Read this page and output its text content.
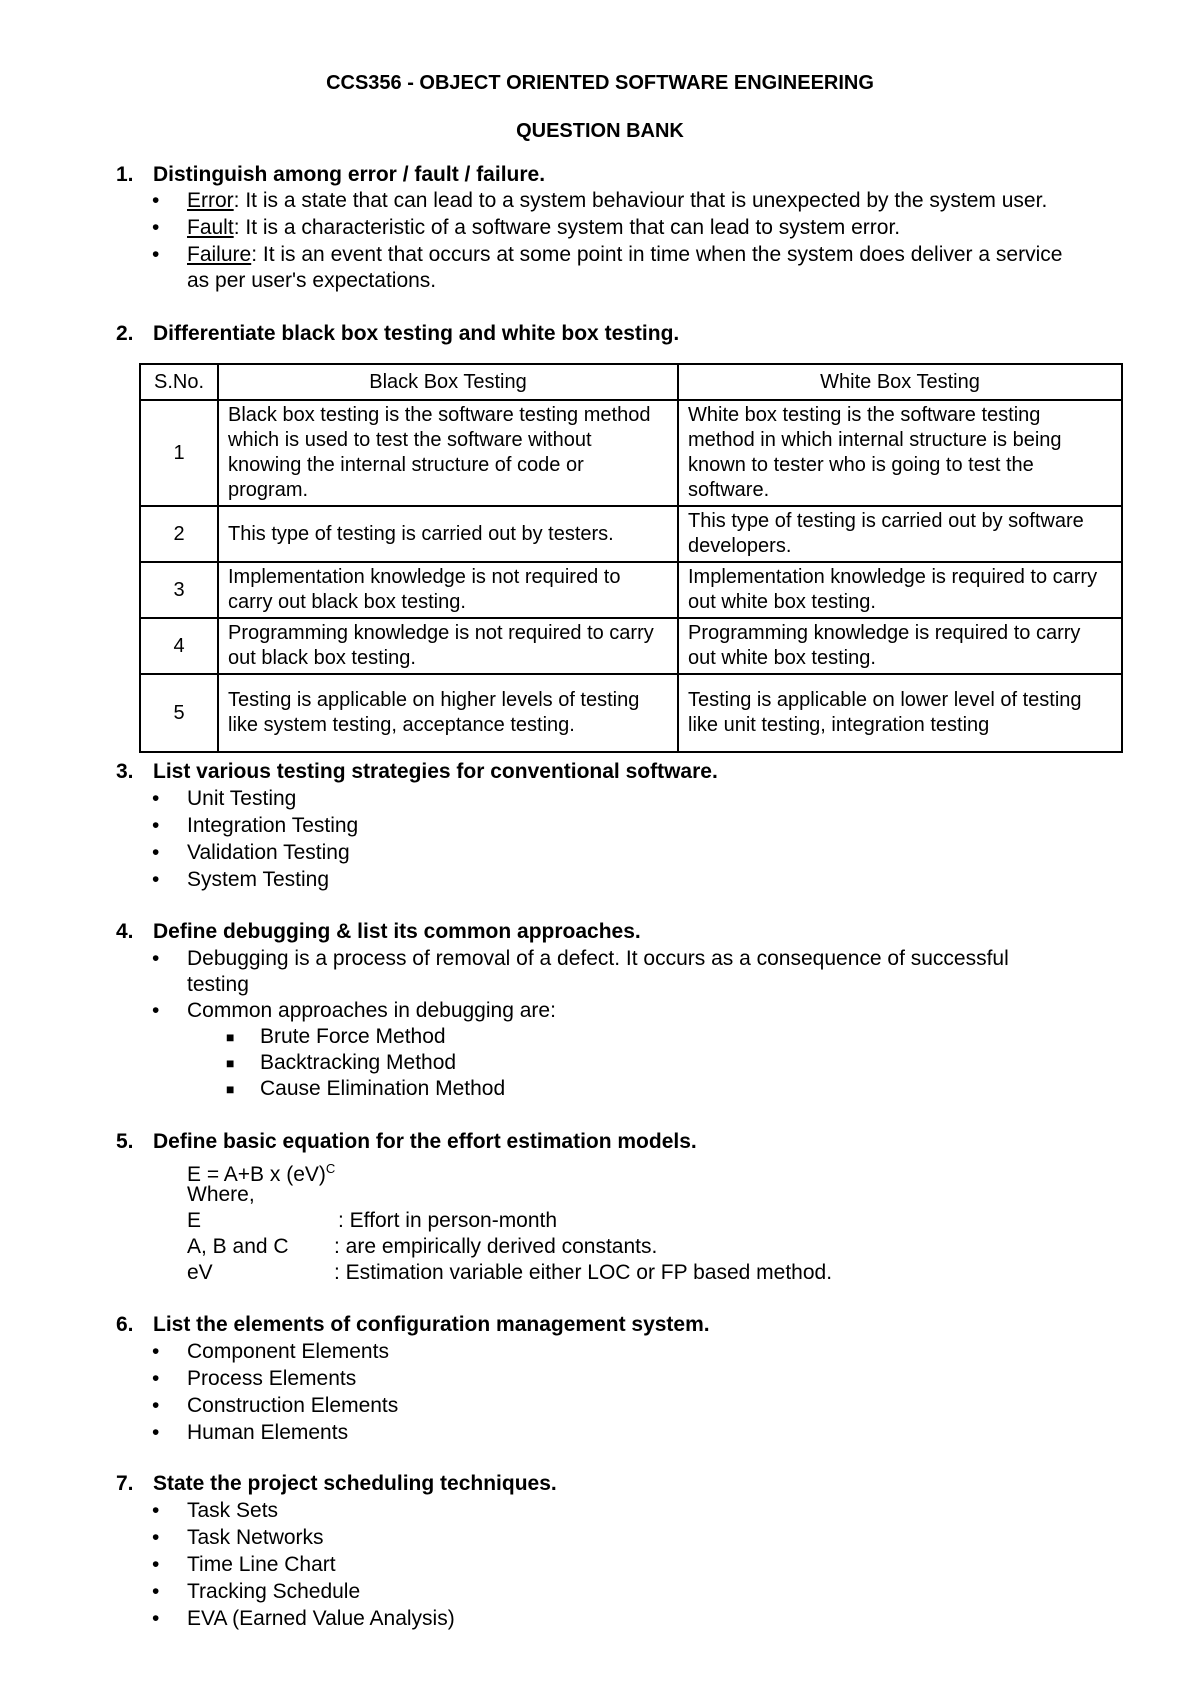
CCS356 - OBJECT ORIENTED SOFTWARE ENGINEERING
QUESTION BANK
1. Distinguish among error / fault / failure.
• Error: It is a state that can lead to a system behaviour that is unexpected by the system user.
• Fault: It is a characteristic of a software system that can lead to system error.
• Failure: It is an event that occurs at some point in time when the system does deliver a service
as per user's expectations.
2. Differentiate black box testing and white box testing.
S.No.	Black Box Testing	White Box Testing
1	Black box testing is the software testing method which is used to test the software without knowing the internal structure of code or program.	White box testing is the software testing method in which internal structure is being known to tester who is going to test the software.
2	This type of testing is carried out by testers.	This type of testing is carried out by software developers.
3	Implementation knowledge is not required to carry out black box testing.	Implementation knowledge is required to carry out white box testing.
4	Programming knowledge is not required to carry out black box testing.	Programming knowledge is required to carry out white box testing.
5	Testing is applicable on higher levels of testing like system testing, acceptance testing.	Testing is applicable on lower level of testing like unit testing, integration testing
3. List various testing strategies for conventional software.
• Unit Testing
• Integration Testing
• Validation Testing
• System Testing
4. Define debugging & list its common approaches.
• Debugging is a process of removal of a defect. It occurs as a consequence of successful
testing
• Common approaches in debugging are:
■ Brute Force Method
■ Backtracking Method
■ Cause Elimination Method
5. Define basic equation for the effort estimation models.
E = A+B x (eV)$^C$
Where,
E	: Effort in person-month
A, B and C : are empirically derived constants.
eV	: Estimation variable either LOC or FP based method.
6. List the elements of configuration management system.
• Component Elements
• Process Elements
• Construction Elements
• Human Elements
7. State the project scheduling techniques.
• Task Sets
• Task Networks
• Time Line Chart
• Tracking Schedule
• EVA (Earned Value Analysis)
